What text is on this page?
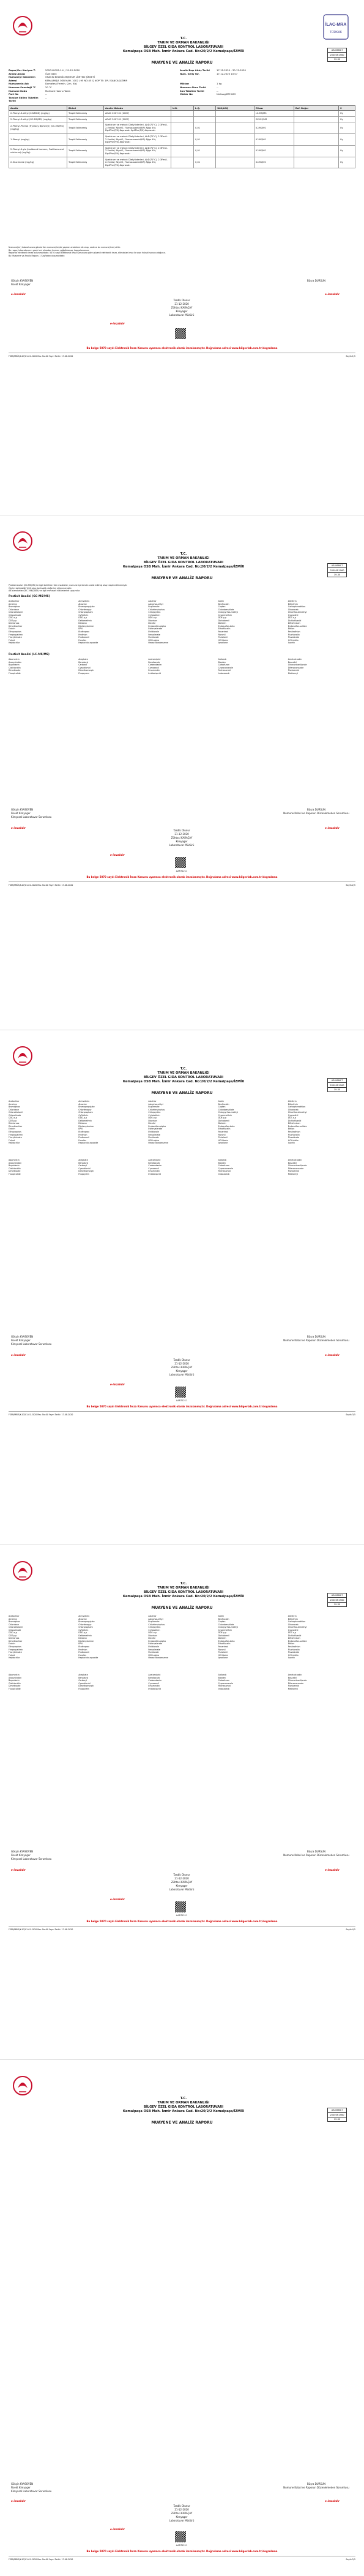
İLAC-MRA
TÜRKAK
T.C.
TARIM VE ORMAN BAKANLIĞI
BİLGEV ÖZEL GIDA KONTROL LABORATUVARI
Kemalpaşa OSB Mah. İzmir Ankara Cad. No:20/2/2 Kemalpaşa/İZMİR	AB-0666-T
20000R1960
19-30
MUAYENE VE ANALİZ RAPORU
Rapor/Kar Kurlyon T.	2020-Y0093-1-H / 31-12-2020	Analiz Başı Atılış Tarihi	17-12-2020 - 30-12-2020
Analiz Amacı	Özel Istek	Num. Geliş Tar.	17-12-2020 10:07
Numuneyi Gönderen	ORACIN BELEDİLEN/MISIR LİMITED ŞİRKETİ
Adresi	KEMALPAŞA OSB MAH. 1002 / 95 NO:45 Q NOP TE: 1PL İSANCAK/IZMIR
Numunenin Adı	Domates (Fermin, Çen, Kls)	Miktarı	1 kg
Numune Seneteği °C	20 °C	Numune Alma Tarihi	--
Numune Kodu	Mahsulü Hazırsı Yokla	Son Tüketim Tarihi	--
Part No	--	Mühür No	Mahsug/BTH063
Tavsiye Edilen Tüketim Tarihi
--
Analiz	Birimi	Analiz Metodu	U.B.	L.Q.	ULK/LOQ	Cihazı	Ref. Değer	S
2-Phenyl-3-ethyl (C-NMGN) (mg/kg)	Tespit Edilmemiş	AOAC 2007.01 (2007)				LC-MS/MS		Uy
2-Phenyl-3-ethyl (GC-MS/MS) (mg/kg)	Tespit Edilmemiş	AOAC 2007.01 (2007)				GC-MS/MS		Uy
2-Phenyl-Phenol (Hydroxy Biphenyl) (GC-MS/MS) (mg/kg)	Tespit Edilmemiş	Spektrum ve metod: Dietylinterleri, AhD(71°C), 2.3Fenil-2-Fenilol; NiyelO, Flumoxazamid(KP) Ağıpı 4%; Dp4Phe(P/0)-Keprasatı 0p4Phe(P/0)-Keprasatı		0,01		IC-MS/MS		Uy
1-Phenyl (mg/kg)	Tespit Edilmemiş	Spektrum ve metod: Dietylinterleri, AhD(71°C), 2.3Fenil-2-Fenilol; NiyelO, Flumoxazamid(KP) Ağıpı 4%; Dp4Phe(P/0)-Keprasatı		0,01		IC-MS/MS		Uy
2-Phenyl-4-ylo (Laddered Isomers, Fraktions and mixtures) (mg/kg)	Tespit Edilmemiş	Spektrum ve metod: Dietylinterleri, AhD(71°C), 2.3Fenil-2-Fenilol; NiyelO, Flumoxazamid(KP) Ağıpı 4%; Dp4Phe(P/0)-Keprasatı		0,01		IC-MS/MS		Uy
2-Glucimede (mg/kg)	Tespit Edilmemiş	Spektrum ve metod: Dietylinterleri, AhD(71°C), 2.3Fenil-2-Fenilol; NiyelO, Flumoxazamid(KP) Ağıpı 4%; Dp4Phe(P/0)-Keprasatı		0,01		IC-MS/MS		Uy
Numune(ler) laboratuvara gönderilen numune(ler)de yapılan analizlere ait olup, sadece bu numune(lere) aittir.
Bu rapor; laboratuvarın yazılı izni olmadan kısmen çoğaltılamaz, kopyalanamaz.
Raporda elektronik imza bulunmaktadır. 5070 sayılı Elektronik İmza Kanununa göre güvenli elektronik imza, elle atılan imza ile aynı hukuki sonucu doğurur.
Bu Muayene ve Analiz Raporu 1 Sayfadan oluşmaktadır.
Gökşin KYASOVEN
Fisekt Kimyager
Büşra DURSUN
e-imzalıdır	e-imzalıdır
Tasdik Olunur
21-12-2020
Zühtasi KARAÇAY
Kimyager
Laboratuvar Müdürü
e-imzalıdır
Bu belge 5070 sayılı Elektronik İmza Kanunu uyarınca elektronik olarak imzalanmıştır. Doğrulama adresi www.bilgevlab.com.tr/dogrulama
FSER/MBİS/K-07/01-01-2020 Rev. No:00 Yayın Tarihi: 17.08.2020	Sayfa 1/5
T.C.
TARIM VE ORMAN BAKANLIĞI
BİLGEV ÖZEL GIDA KONTROL LABORATUVARI
Kemalpaşa OSB Mah. İzmir Ankara Cad. No:20/2/2 Kemalpaşa/İZMİR	AB-0666-T
20000R1960
19-30
MUAYENE VE ANALİZ RAPORU
Pestisit Analizi (GC-MS/MS) ile ilgili belirtilen tüm maddeler; numune içerisinde analiz edilmiş olup tespit edilmemiştir.
Ölçüm belirsizliği %50 olup; belirsizlik değerleri eklenmemiştir.
AB standartları (EC 396/2005) ve ilgili mevzuat hükümlerine uygundur.
Pestisit Analizi (GC-MS/MS)
Acetochlor	Acrinathrin	Alachlor	Aldrin	Allethrin
Ametryn	Atrazine	Azinphos-ethyl	Benfluralin	Bifenthrin
Bromophos	Bromopropylate	Bupirimate	Captan	Carbophenothion
Chlordane	Chlorfenapyr	Chlorfenvinphos	Chlorobenzilate	Chloroneb
Chlorothalonil	Chlorpropham	Chlorpyrifos	Chlorpyrifos-methyl	Chlorthal-dimethyl
Chlozolinate	Cyfluthrin	Cyhalothrin	Cypermethrin	Cyprodinil
DDD-o,p	DDD-p,p	DDE-o,p	DDE-p,p	DDT-o,p
DDT-p,p	Deltamethrin	Diazinon	Dichlobenil	Dichlofluanid
Dichlorvos	Dicloran	Dicofol	Dieldrin	Diflufenican
Dimethachlor	Diphenylamine	Endosulfan-alpha	Endosulfan-beta	Endosulfan-sulfate
Endrin	EPN	Esfenvalerate	Ethalfluralin	Ethion
Ethoprophos	Etofenprox	Etridiazole	Fenarimol	Fenitrothion
Fenpropathrin	Fenthion	Fenvalerate	Fipronil	Fluchloralin
Flucythrinate	Fludioxonil	Flusilazole	Flutolanil	Fluvalinate
Folpet	Fonofos	HCH-alpha	HCH-beta	HCH-delta
Heptachlor	Heptachlor-epoxide	Hexachlorobenzene	Iprodione	Isodrin
Pestisit Analizi (LC-MS/MS)
Abamectin	Acephate	Acetamiprid	Aldicarb	Ametoctradin
Azoxystrobin	Benalaxyl	Bendiocarb	Bixafen	Boscalid
Buprofezin	Carbaryl	Carbendazim	Carbofuran	Chlorantraniliprole
Clothianidin	Cyazofamid	Cymoxanil	Cyproconazole	Difenoconazole
Dimethoate	Dimethomorph	Emamectin	Fenhexamid	Flonicamid
Fluopicolide	Fluopyram	Imidacloprid	Indoxacarb	Methomyl
Gökşin KYASOVEN
Fisekt Kimyager
Kimyasal Laboratuvar Sorumlusu
Büşra DURSUN
Numune Kabul ve Raporun Düzenlemeden Sorumlusu
e-imzalıdır	e-imzalıdır
Tasdik Olunur
21-12-2020
Zühtasi KARAÇAY
Kimyager
Laboratuvar Müdürü
e-imzalıdır
AAR71211
Bu belge 5070 sayılı Elektronik İmza Kanunu uyarınca elektronik olarak imzalanmıştır. Doğrulama adresi www.bilgevlab.com.tr/dogrulama
FSER/MBİS/K-07/01-01-2020 Rev. No:00 Yayın Tarihi: 17.08.2020	Sayfa 2/5
T.C.
TARIM VE ORMAN BAKANLIĞI
BİLGEV ÖZEL GIDA KONTROL LABORATUVARI
Kemalpaşa OSB Mah. İzmir Ankara Cad. No:20/2/2 Kemalpaşa/İZMİR	AB-0666-T
20000R1960
19-30
MUAYENE VE ANALİZ RAPORU
Acetochlor	Acrinathrin	Alachlor	Aldrin	Allethrin
Ametryn	Atrazine	Azinphos-ethyl	Benfluralin	Bifenthrin
Bromophos	Bromopropylate	Bupirimate	Captan	Carbophenothion
Chlordane	Chlorfenapyr	Chlorfenvinphos	Chlorobenzilate	Chloroneb
Chlorothalonil	Chlorpropham	Chlorpyrifos	Chlorpyrifos-methyl	Chlorthal-dimethyl
Chlozolinate	Cyfluthrin	Cyhalothrin	Cypermethrin	Cyprodinil
DDD-o,p	DDD-p,p	DDE-o,p	DDE-p,p	DDT-o,p
DDT-p,p	Deltamethrin	Diazinon	Dichlobenil	Dichlofluanid
Dichlorvos	Dicloran	Dicofol	Dieldrin	Diflufenican
Dimethachlor	Diphenylamine	Endosulfan-alpha	Endosulfan-beta	Endosulfan-sulfate
Endrin	EPN	Esfenvalerate	Ethalfluralin	Ethion
Ethoprophos	Etofenprox	Etridiazole	Fenarimol	Fenitrothion
Fenpropathrin	Fenthion	Fenvalerate	Fipronil	Fluchloralin
Flucythrinate	Fludioxonil	Flusilazole	Flutolanil	Fluvalinate
Folpet	Fonofos	HCH-alpha	HCH-beta	HCH-delta
Heptachlor	Heptachlor-epoxide	Hexachlorobenzene	Iprodione	Isodrin
Abamectin	Acephate	Acetamiprid	Aldicarb	Ametoctradin
Azoxystrobin	Benalaxyl	Bendiocarb	Bixafen	Boscalid
Buprofezin	Carbaryl	Carbendazim	Carbofuran	Chlorantraniliprole
Clothianidin	Cyazofamid	Cymoxanil	Cyproconazole	Difenoconazole
Dimethoate	Dimethomorph	Emamectin	Fenhexamid	Flonicamid
Fluopicolide	Fluopyram	Imidacloprid	Indoxacarb	Methomyl
Gökşin KYASOVEN
Fisekt Kimyager
Kimyasal Laboratuvar Sorumlusu
Büşra DURSUN
Numune Kabul ve Raporun Düzenlemeden Sorumlusu
e-imzalıdır	e-imzalıdır
Tasdik Olunur
21-12-2020
Zühtasi KARAÇAY
Kimyager
Laboratuvar Müdürü
e-imzalıdır
AAR71211
Bu belge 5070 sayılı Elektronik İmza Kanunu uyarınca elektronik olarak imzalanmıştır. Doğrulama adresi www.bilgevlab.com.tr/dogrulama
FSER/MBİS/K-07/01-01-2020 Rev. No:00 Yayın Tarihi: 17.08.2020	Sayfa 3/5
T.C.
TARIM VE ORMAN BAKANLIĞI
BİLGEV ÖZEL GIDA KONTROL LABORATUVARI
Kemalpaşa OSB Mah. İzmir Ankara Cad. No:20/2/2 Kemalpaşa/İZMİR	AB-0666-T
20000R1960
19-30
MUAYENE VE ANALİZ RAPORU
Acetochlor	Acrinathrin	Alachlor	Aldrin	Allethrin
Ametryn	Atrazine	Azinphos-ethyl	Benfluralin	Bifenthrin
Bromophos	Bromopropylate	Bupirimate	Captan	Carbophenothion
Chlordane	Chlorfenapyr	Chlorfenvinphos	Chlorobenzilate	Chloroneb
Chlorothalonil	Chlorpropham	Chlorpyrifos	Chlorpyrifos-methyl	Chlorthal-dimethyl
Chlozolinate	Cyfluthrin	Cyhalothrin	Cypermethrin	Cyprodinil
DDD-o,p	DDD-p,p	DDE-o,p	DDE-p,p	DDT-o,p
DDT-p,p	Deltamethrin	Diazinon	Dichlobenil	Dichlofluanid
Dichlorvos	Dicloran	Dicofol	Dieldrin	Diflufenican
Dimethachlor	Diphenylamine	Endosulfan-alpha	Endosulfan-beta	Endosulfan-sulfate
Endrin	EPN	Esfenvalerate	Ethalfluralin	Ethion
Ethoprophos	Etofenprox	Etridiazole	Fenarimol	Fenitrothion
Fenpropathrin	Fenthion	Fenvalerate	Fipronil	Fluchloralin
Flucythrinate	Fludioxonil	Flusilazole	Flutolanil	Fluvalinate
Folpet	Fonofos	HCH-alpha	HCH-beta	HCH-delta
Heptachlor	Heptachlor-epoxide	Hexachlorobenzene	Iprodione	Isodrin
Abamectin	Acephate	Acetamiprid	Aldicarb	Ametoctradin
Azoxystrobin	Benalaxyl	Bendiocarb	Bixafen	Boscalid
Buprofezin	Carbaryl	Carbendazim	Carbofuran	Chlorantraniliprole
Clothianidin	Cyazofamid	Cymoxanil	Cyproconazole	Difenoconazole
Dimethoate	Dimethomorph	Emamectin	Fenhexamid	Flonicamid
Fluopicolide	Fluopyram	Imidacloprid	Indoxacarb	Methomyl
Gökşin KYASOVEN
Fisekt Kimyager
Kimyasal Laboratuvar Sorumlusu
Büşra DURSUN
Numune Kabul ve Raporun Düzenlemeden Sorumlusu
e-imzalıdır	e-imzalıdır
Tasdik Olunur
21-12-2020
Zühtasi KARAÇAY
Kimyager
Laboratuvar Müdürü
e-imzalıdır
AAR71211
Bu belge 5070 sayılı Elektronik İmza Kanunu uyarınca elektronik olarak imzalanmıştır. Doğrulama adresi www.bilgevlab.com.tr/dogrulama
FSER/MBİS/K-07/01-01-2020 Rev. No:00 Yayın Tarihi: 17.08.2020	Sayfa 4/5
T.C.
TARIM VE ORMAN BAKANLIĞI
BİLGEV ÖZEL GIDA KONTROL LABORATUVARI
Kemalpaşa OSB Mah. İzmir Ankara Cad. No:20/2/2 Kemalpaşa/İZMİR	AB-0666-T
20000R1960
19-30
MUAYENE VE ANALİZ RAPORU
Gökşin KYASOVEN
Fisekt Kimyager
Kimyasal Laboratuvar Sorumlusu
Büşra DURSUN
Numune Kabul ve Raporun Düzenlemeden Sorumlusu
e-imzalıdır	e-imzalıdır
Tasdik Olunur
21-12-2020
Zühtasi KARAÇAY
Kimyager
Laboratuvar Müdürü
e-imzalıdır
AAR71211
Bu belge 5070 sayılı Elektronik İmza Kanunu uyarınca elektronik olarak imzalanmıştır. Doğrulama adresi www.bilgevlab.com.tr/dogrulama
FSER/MBİS/K-07/01-01-2020 Rev. No:00 Yayın Tarihi: 17.08.2020	Sayfa 5/5
